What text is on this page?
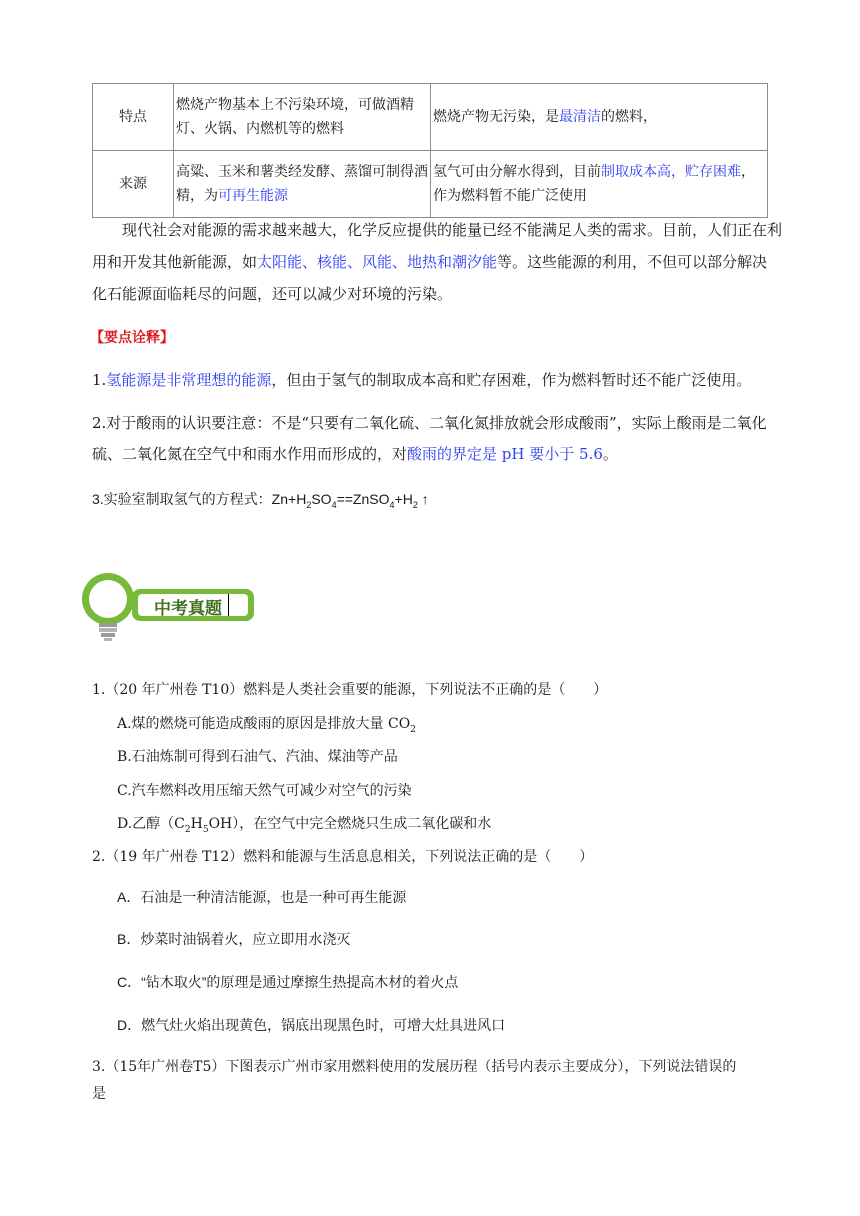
特点	燃烧产物基本上不污染环境，可做酒精灯、火锅、内燃机等的燃料	燃烧产物无污染，是最清洁的燃料，
来源	高粱、玉米和薯类经发酵、蒸馏可制得酒精，为可再生能源	氢气可由分解水得到，目前制取成本高，贮存困难，作为燃料暂不能广泛使用
现代社会对能源的需求越来越大，化学反应提供的能量已经不能满足人类的需求。目前，人们正在利用和开发其他新能源，如太阳能、核能、风能、地热和潮汐能等。这些能源的利用，不但可以部分解决化石能源面临耗尽的问题，还可以减少对环境的污染。
【要点诠释】
1.氢能源是非常理想的能源，但由于氢气的制取成本高和贮存困难，作为燃料暂时还不能广泛使用。
2.对于酸雨的认识要注意：不是“只要有二氧化硫、二氧化氮排放就会形成酸雨”，实际上酸雨是二氧化
硫、二氧化氮在空气中和雨水作用而形成的，对酸雨的界定是 pH 要小于 5.6。
3.实验室制取氢气的方程式：$Zn+H_2SO_4==ZnSO_4+H_2$ ↑
中考真题
1.（20 年广州卷 T10）燃料是人类社会重要的能源，下列说法不正确的是（　　）
A.煤的燃烧可能造成酸雨的原因是排放大量 $CO_2$
B.石油炼制可得到石油气、汽油、煤油等产品
C.汽车燃料改用压缩天然气可减少对空气的污染
D.乙醇$(C_2H_5OH)$，在空气中完全燃烧只生成二氧化碳和水
2.（19 年广州卷 T12）燃料和能源与生活息息相关，下列说法正确的是（　　）
A．石油是一种清洁能源，也是一种可再生能源
B．炒菜时油锅着火，应立即用水浇灭
C．“钻木取火”的原理是通过摩擦生热提高木材的着火点
D．燃气灶火焰出现黄色，锅底出现黑色时，可增大灶具进风口
3.（15年广州卷T5）下图表示广州市家用燃料使用的发展历程（括号内表示主要成分），下列说法错误的
是
